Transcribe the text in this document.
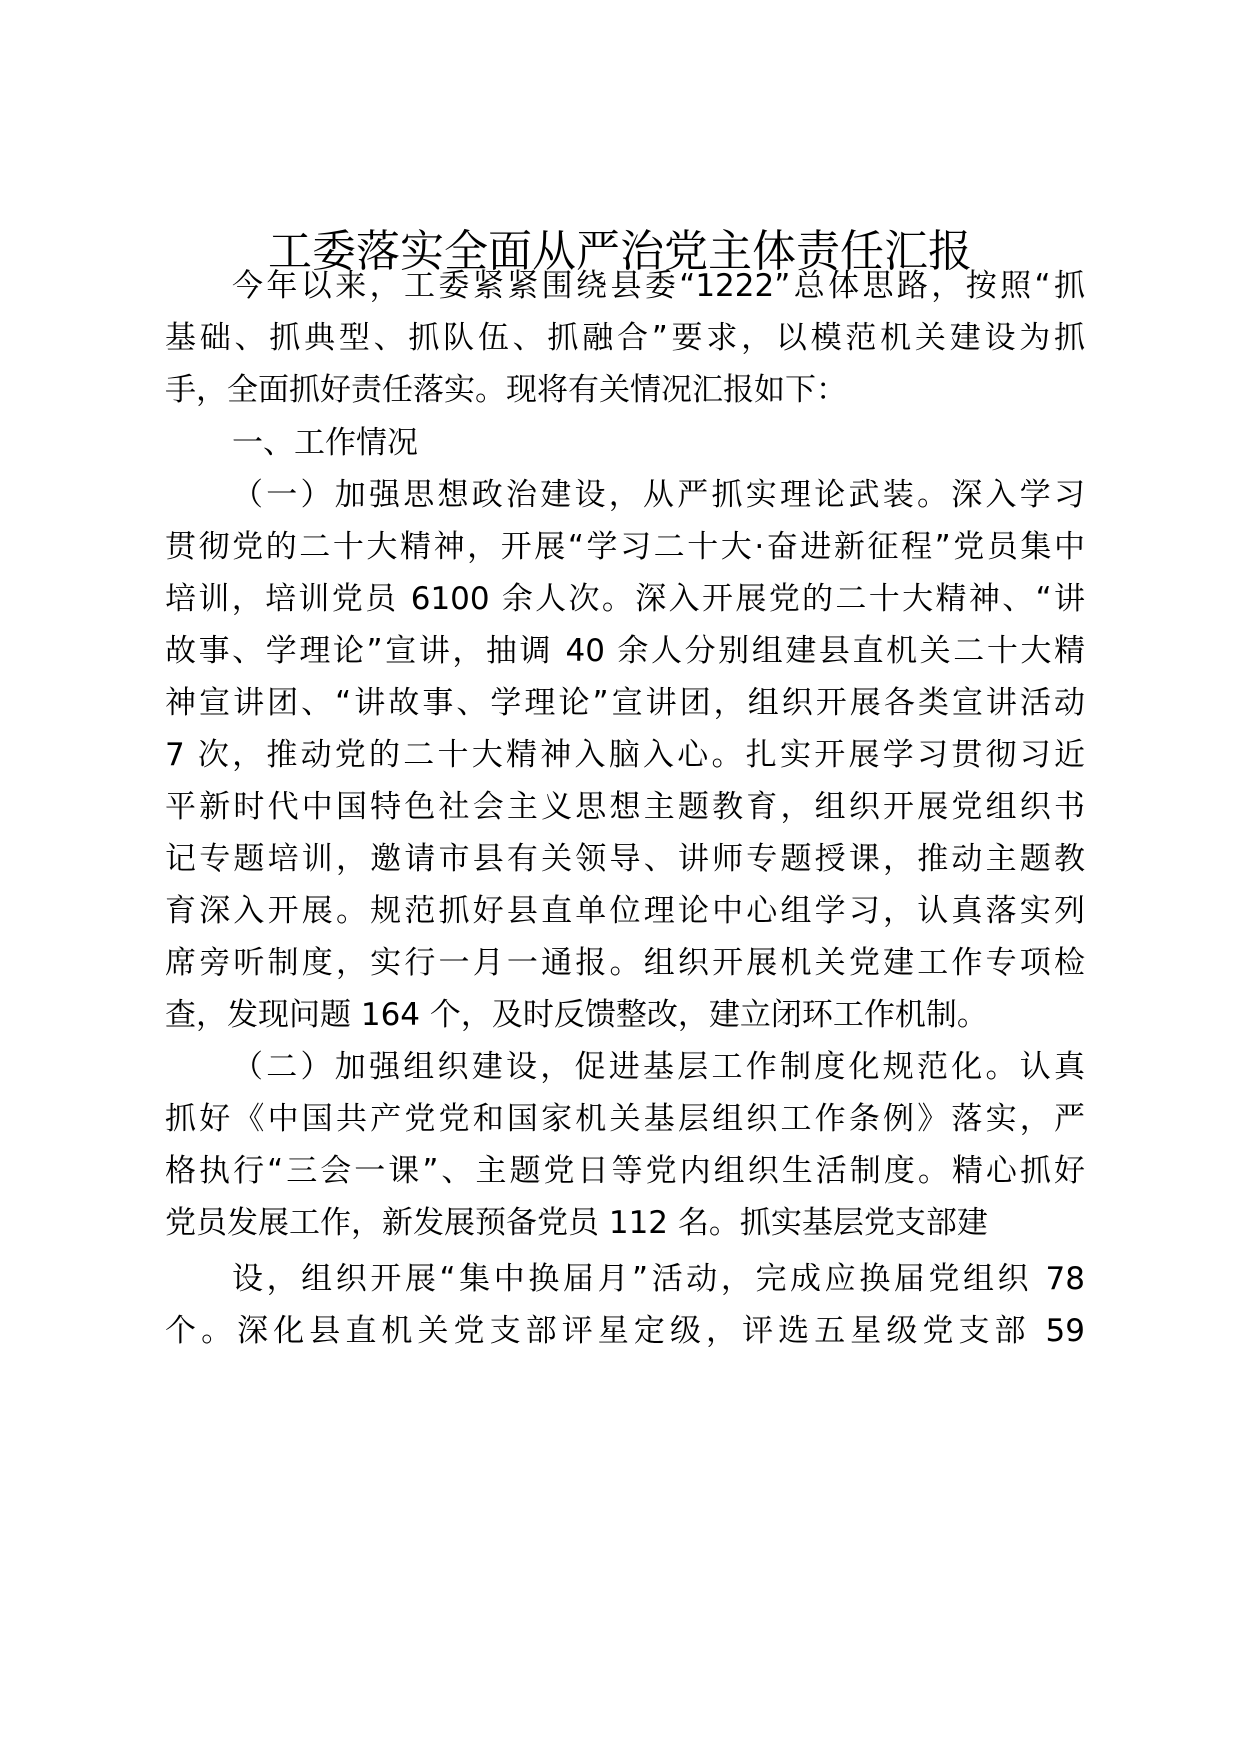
工委落实全面从严治党主体责任汇报
今年以来，工委紧紧围绕县委“1222”总体思路，按照“抓
基础、抓典型、抓队伍、抓融合”要求，以模范机关建设为抓
手，全面抓好责任落实。现将有关情况汇报如下：
一、工作情况
（一）加强思想政治建设，从严抓实理论武装。深入学习
贯彻党的二十大精神，开展“学习二十大·奋进新征程”党员集中
培训，培训党员 6100 余人次。深入开展党的二十大精神、“讲
故事、学理论”宣讲，抽调 40 余人分别组建县直机关二十大精
神宣讲团、“讲故事、学理论”宣讲团，组织开展各类宣讲活动
7 次，推动党的二十大精神入脑入心。扎实开展学习贯彻习近
平新时代中国特色社会主义思想主题教育，组织开展党组织书
记专题培训，邀请市县有关领导、讲师专题授课，推动主题教
育深入开展。规范抓好县直单位理论中心组学习，认真落实列
席旁听制度，实行一月一通报。组织开展机关党建工作专项检
查，发现问题 164 个，及时反馈整改，建立闭环工作机制。
（二）加强组织建设，促进基层工作制度化规范化。认真
抓好《中国共产党党和国家机关基层组织工作条例》落实，严
格执行“三会一课”、主题党日等党内组织生活制度。精心抓好
党员发展工作，新发展预备党员 112 名。抓实基层党支部建
设，组织开展“集中换届月”活动，完成应换届党组织 78
个。深化县直机关党支部评星定级，评选五星级党支部 59
